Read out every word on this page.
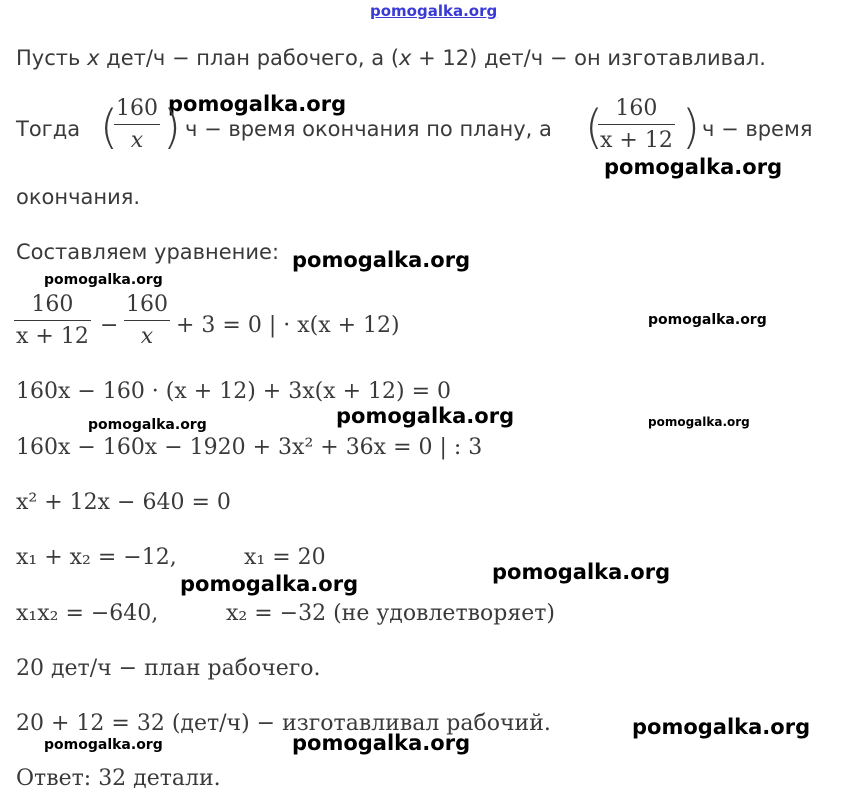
pomogalka.org
pomogalka.org
pomogalka.org
pomogalka.org
pomogalka.org
pomogalka.org
pomogalka.org
pomogalka.org	pomogalka.org
pomogalka.org	pomogalka.org
pomogalka.org
pomogalka.org	pomogalka.org
Пусть x дет/ч − план рабочего, а (x + 12) дет/ч − он изготавливал.
Тогда (
160
x ) ч − время окончания по плану, а ( 160
x + 12 ) ч − время
окончания.
Составляем уравнение:
160
x + 12 −
160
x	+ 3 = 0 | · x(x + 12)
160x − 160 · (x + 12) + 3x(x + 12) = 0
160x − 160x − 1920 + 3x² + 36x = 0 | : 3
x² + 12x − 640 = 0
x₁ + x₂ = −12,	x₁ = 20
x₁x₂ = −640,	x₂ = −32 (не удовлетворяет)
20 дет/ч − план рабочего.
20 + 12 = 32 (дет/ч) − изготавливал рабочий.
Ответ: 32 детали.
